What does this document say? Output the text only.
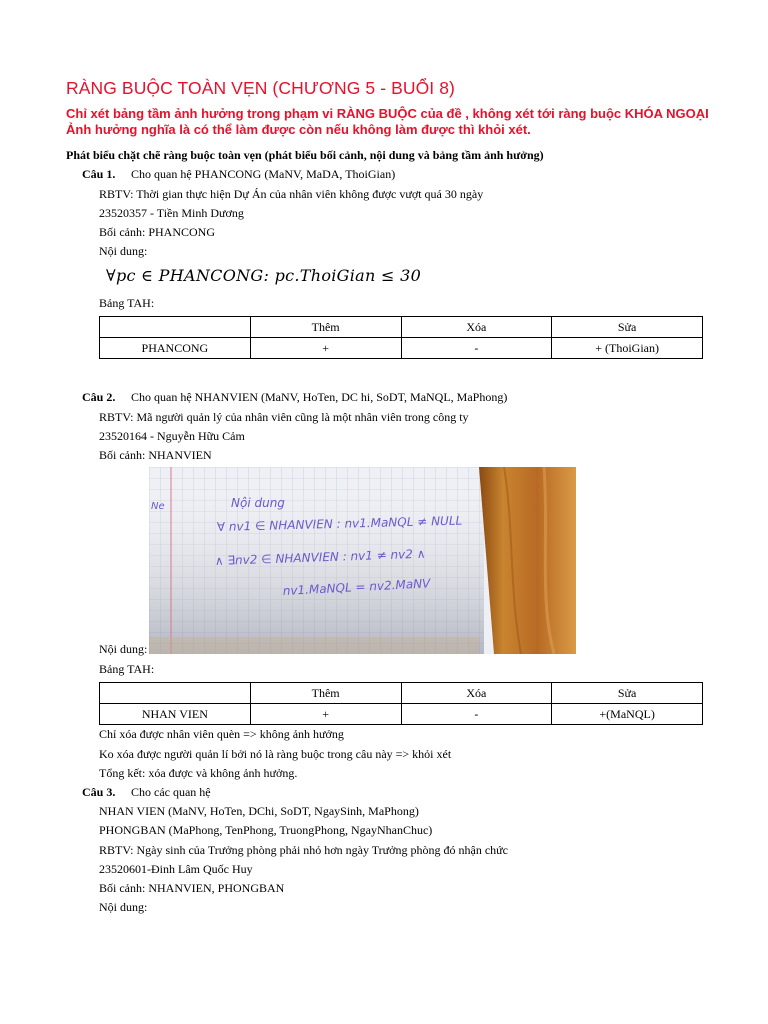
RÀNG BUỘC TOÀN VẸN (CHƯƠNG 5 - BUỔI 8)
Chỉ xét bảng tầm ảnh hưởng trong phạm vi RÀNG BUỘC của đề , không xét tới ràng buộc KHÓA NGOẠI
Ảnh hưởng nghĩa là có thể làm được còn nếu không làm được thì khỏi xét.
Phát biểu chặt chẽ ràng buộc toàn vẹn (phát biểu bối cảnh, nội dung và bảng tầm ảnh hưởng)
Câu 1. Cho quan hệ PHANCONG (MaNV, MaDA, ThoiGian)
RBTV: Thời gian thực hiện Dự Án của nhân viên không được vượt quá 30 ngày
23520357 - Tiền Minh Dương
Bối cảnh: PHANCONG
Nội dung:
∀pc ∈ PHANCONG: pc.ThoiGian ≤ 30
Bảng TAH:
	Thêm	Xóa	Sửa
PHANCONG	+	-	+ (ThoiGian)
Câu 2. Cho quan hệ NHANVIEN (MaNV, HoTen, DC hi, SoDT, MaNQL, MaPhong)
RBTV: Mã người quản lý của nhân viên cũng là một nhân viên trong công ty
23520164 - Nguyễn Hữu Cảm
Bối cảnh: NHANVIEN
Ne	Nội dung
∀ nv1 ∈ NHANVIEN : nv1.MaNQL ≠ NULL
∧ ∃nv2 ∈ NHANVIEN : nv1 ≠ nv2 ∧
nv1.MaNQL = nv2.MaNV
Nội dung:
Bảng TAH:
	Thêm	Xóa	Sửa
NHAN VIEN	+	-	+(MaNQL)
Chỉ xóa được nhân viên quèn => không ảnh hưởng
Ko xóa được người quản lí bởi nó là ràng buộc trong câu này => khỏi xét
Tổng kết: xóa được và không ảnh hưởng.
Câu 3. Cho các quan hệ
NHAN VIEN (MaNV, HoTen, DChi, SoDT, NgaySinh, MaPhong)
PHONGBAN (MaPhong, TenPhong, TruongPhong, NgayNhanChuc)
RBTV: Ngày sinh của Trưởng phòng phải nhỏ hơn ngày Trưởng phòng đó nhận chức
23520601-Đinh Lâm Quốc Huy
Bối cảnh: NHANVIEN, PHONGBAN
Nội dung:
